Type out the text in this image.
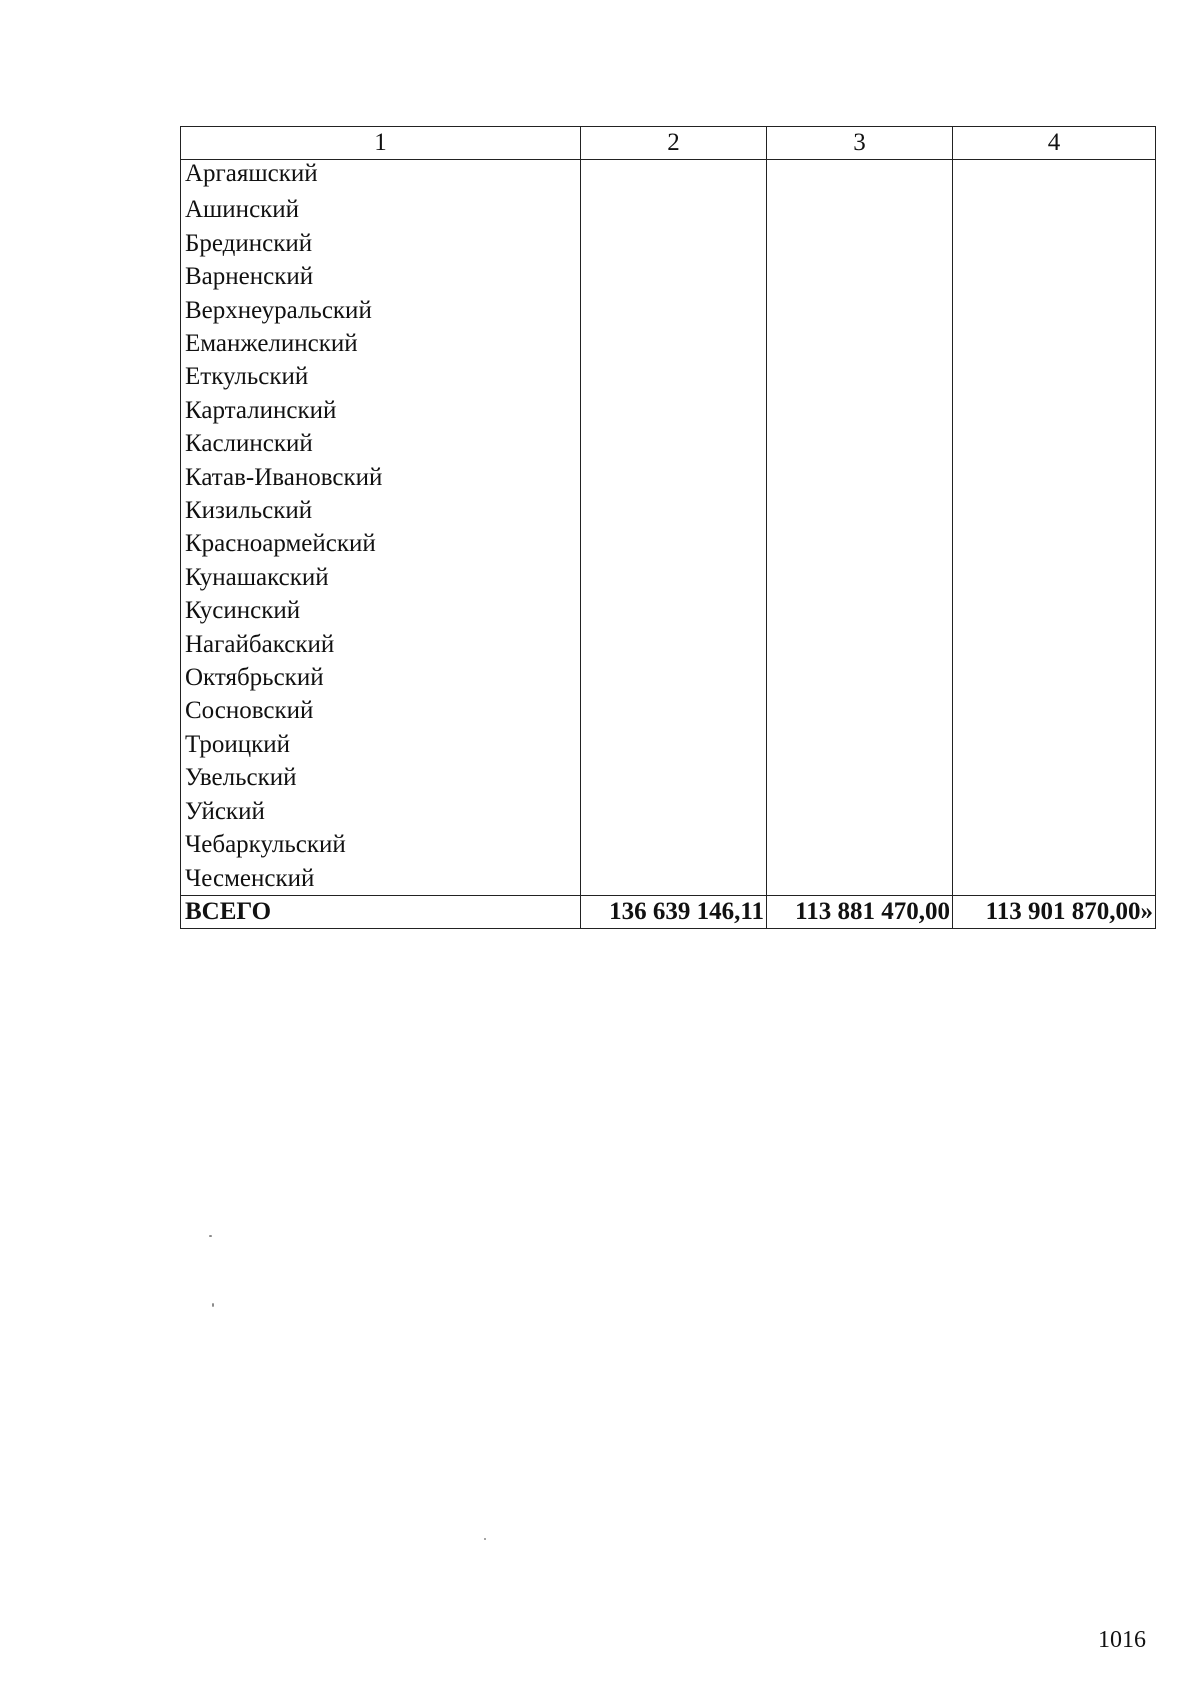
1	2	3	4
Аргаяшский			
Ашинский			
Брединский			
Варненский			
Верхнеуральский			
Еманжелинский			
Еткульский			
Карталинский			
Каслинский			
Катав-Ивановский			
Кизильский			
Красноармейский			
Кунашакский			
Кусинский			
Нагайбакский			
Октябрьский			
Сосновский			
Троицкий			
Увельский			
Уйский			
Чебаркульский			
Чесменский			
ВСЕГО	136 639 146,11	113 881 470,00	113 901 870,00»
1016
